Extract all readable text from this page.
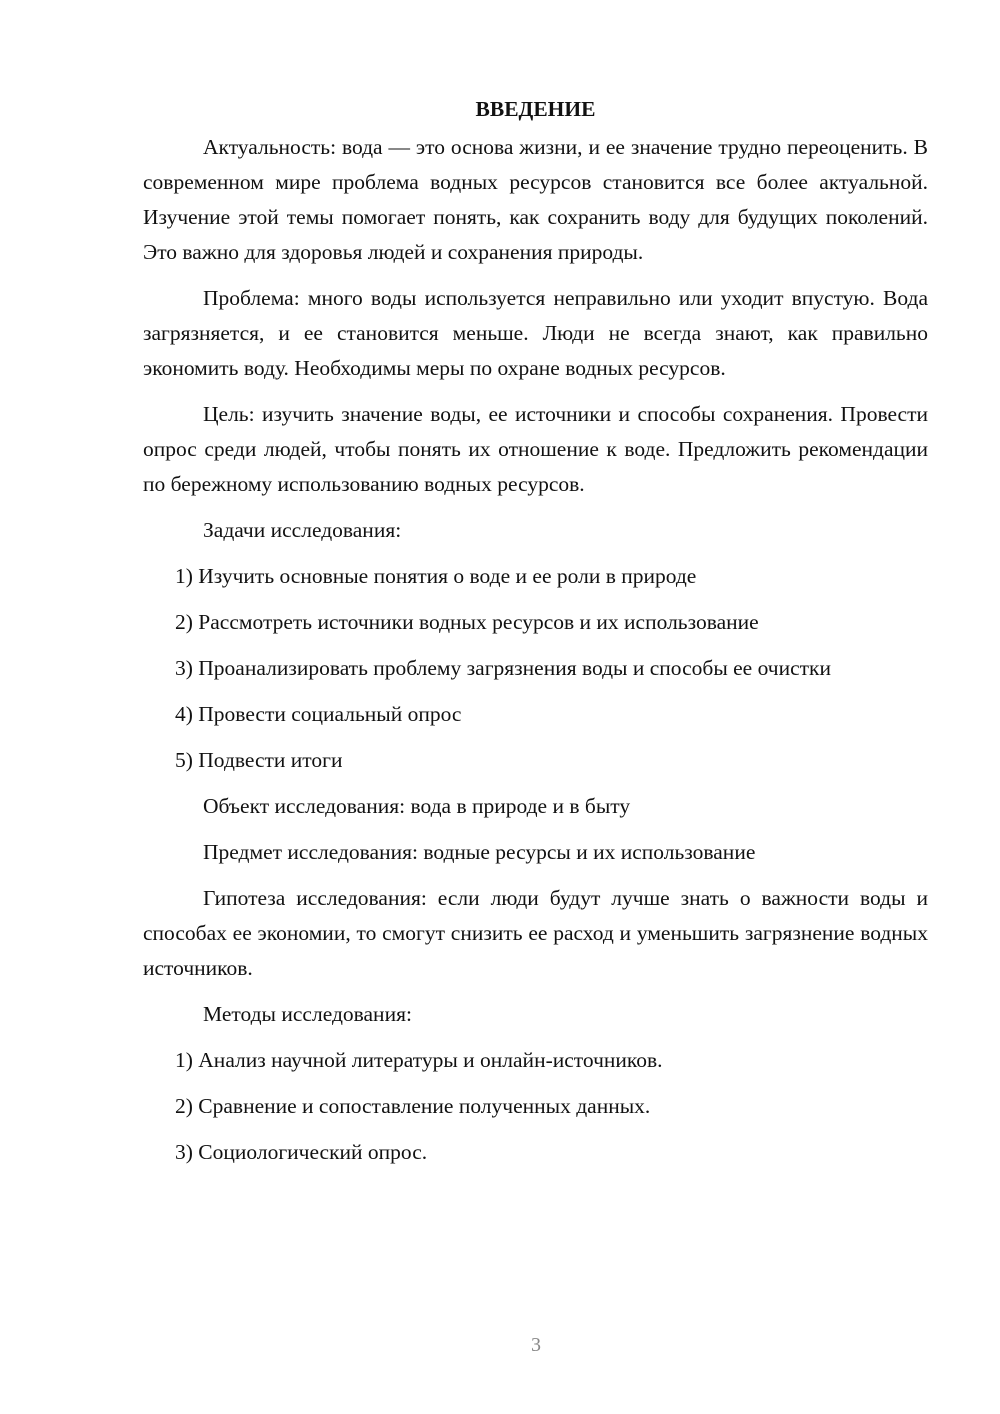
ВВЕДЕНИЕ

Актуальность: вода — это основа жизни, и ее значение трудно переоценить. В современном мире проблема водных ресурсов становится все более актуальной. Изучение этой темы помогает понять, как сохранить воду для будущих поколений. Это важно для здоровья людей и сохранения природы.

Проблема: много воды используется неправильно или уходит впустую. Вода загрязняется, и ее становится меньше. Люди не всегда знают, как правильно экономить воду. Необходимы меры по охране водных ресурсов.

Цель: изучить значение воды, ее источники и способы сохранения. Провести опрос среди людей, чтобы понять их отношение к воде. Предложить рекомендации по бережному использованию водных ресурсов.

Задачи исследования:

1) Изучить основные понятия о воде и ее роли в природе

2) Рассмотреть источники водных ресурсов и их использование

3) Проанализировать проблему загрязнения воды и способы ее очистки

4) Провести социальный опрос

5) Подвести итоги

Объект исследования: вода в природе и в быту

Предмет исследования: водные ресурсы и их использование

Гипотеза исследования: если люди будут лучше знать о важности воды и способах ее экономии, то смогут снизить ее расход и уменьшить загрязнение водных источников.

Методы исследования:

1) Анализ научной литературы и онлайн-источников.

2) Сравнение и сопоставление полученных данных.

3) Социологический опрос.

3
